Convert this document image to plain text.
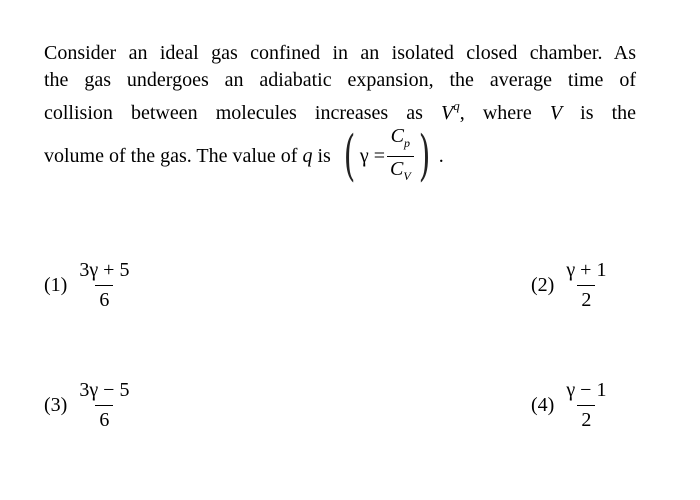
Consider an ideal gas confined in an isolated closed chamber. As
the gas undergoes an adiabatic expansion, the average time of
collision between molecules increases as $V^q$, where V is the
volume of the gas. The value of
q
is ( $\gamma = \frac{C_p}{C_V}$ ) .
$(1) \frac{3\gamma + 5}{6}$	$(2) \frac{\gamma + 1}{2}$
$(3) \frac{3\gamma - 5}{6}$	$(4) \frac{\gamma - 1}{2}$
